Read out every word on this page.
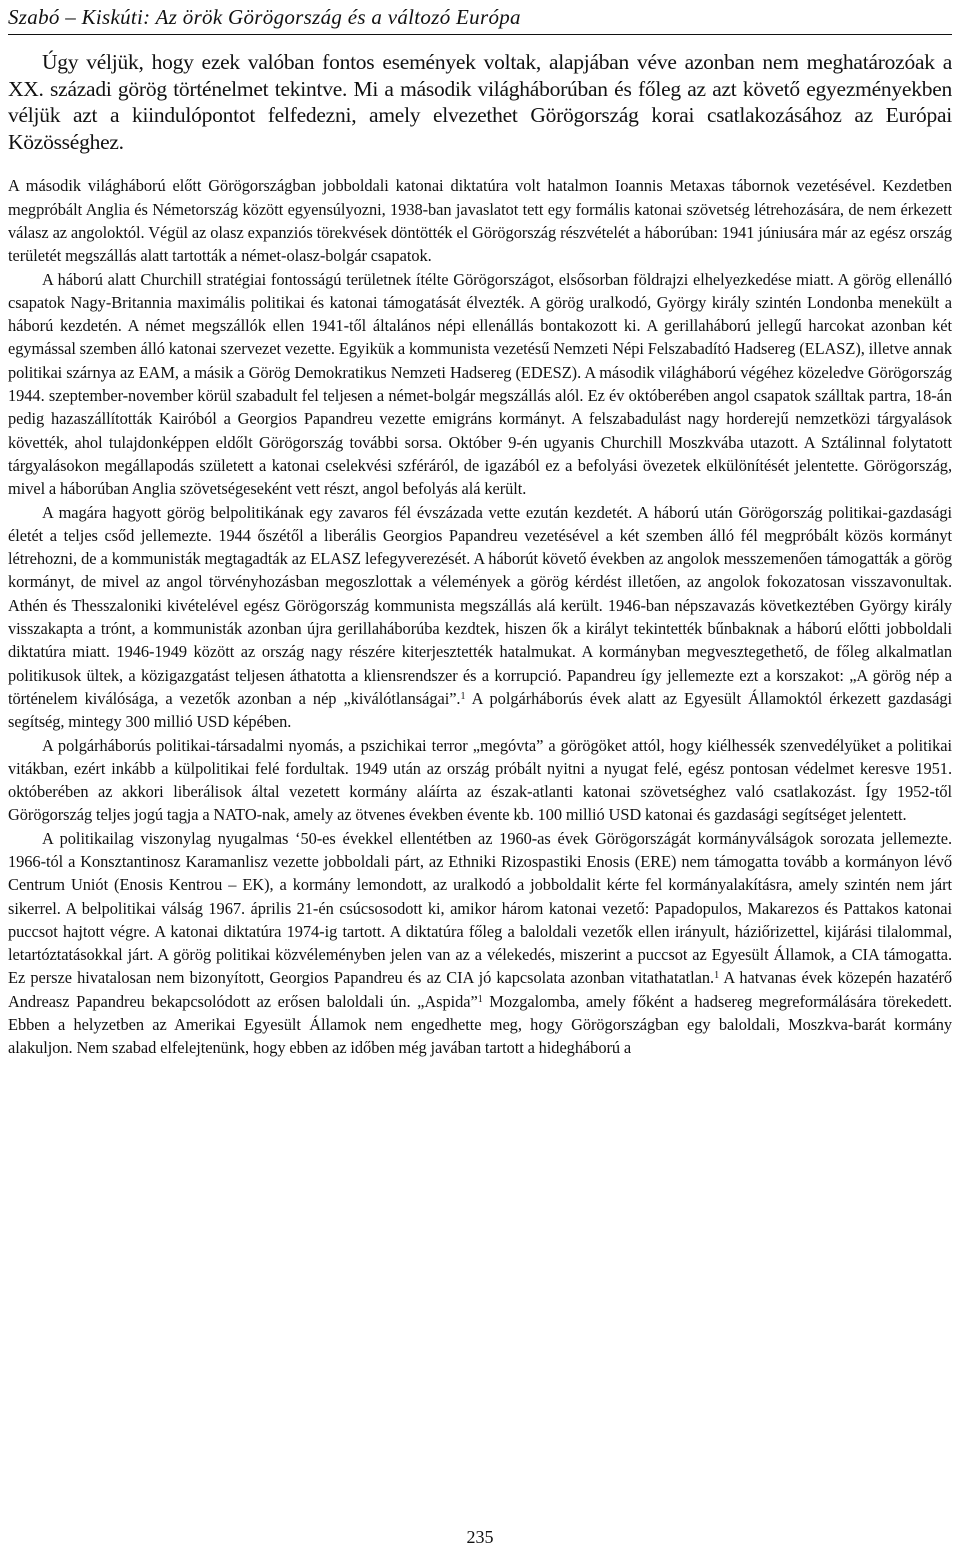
Szabó – Kiskúti: Az örök Görögország és a változó Európa
Úgy véljük, hogy ezek valóban fontos események voltak, alapjában véve azonban nem meghatározóak a XX. századi görög történelmet tekintve. Mi a második világháborúban és főleg az azt követő egyezményekben véljük azt a kiindulópontot felfedezni, amely elvezethet Görögország korai csatlakozásához az Európai Közösséghez.

A második világháború előtt Görögországban jobboldali katonai diktatúra volt hatalmon Ioannis Metaxas tábornok vezetésével. Kezdetben megpróbált Anglia és Németország között egyensúlyozni, 1938-ban javaslatot tett egy formális katonai szövetség létrehozására, de nem érkezett válasz az angoloktól. Végül az olasz expanziós törekvések döntötték el Görögország részvételét a háborúban: 1941 júniusára már az egész ország területét megszállás alatt tartották a német-olasz-bolgár csapatok.

A háború alatt Churchill stratégiai fontosságú területnek ítélte Görögországot, elsősorban földrajzi elhelyezkedése miatt. A görög ellenálló csapatok Nagy-Britannia maximális politikai és katonai támogatását élvezték. A görög uralkodó, György király szintén Londonba menekült a háború kezdetén. A német megszállók ellen 1941-től általános népi ellenállás bontakozott ki. A gerillaháború jellegű harcokat azonban két egymással szemben álló katonai szervezet vezette. Egyikük a kommunista vezetésű Nemzeti Népi Felszabadító Hadsereg (ELASZ), illetve annak politikai szárnya az EAM, a másik a Görög Demokratikus Nemzeti Hadsereg (EDESZ). A második világháború végéhez közeledve Görögország 1944. szeptember-november körül szabadult fel teljesen a német-bolgár megszállás alól. Ez év októberében angol csapatok szálltak partra, 18-án pedig hazaszállították Kairóból a Georgios Papandreu vezette emigráns kormányt. A felszabadulást nagy horderejű nemzetközi tárgyalások követték, ahol tulajdonképpen eldőlt Görögország további sorsa. Október 9-én ugyanis Churchill Moszkvába utazott. A Sztálinnal folytatott tárgyalásokon megállapodás született a katonai cselekvési szféráról, de igazából ez a befolyási övezetek elkülönítését jelentette. Görögország, mivel a háborúban Anglia szövetségeseként vett részt, angol befolyás alá került.

A magára hagyott görög belpolitikának egy zavaros fél évszázada vette ezután kezdetét. A háború után Görögország politikai-gazdasági életét a teljes csőd jellemezte. 1944 őszétől a liberális Georgios Papandreu vezetésével a két szemben álló fél megpróbált közös kormányt létrehozni, de a kommunisták megtagadták az ELASZ lefegyverezését. A háborút követő években az angolok messzemenően támogatták a görög kormányt, de mivel az angol törvényhozásban megoszlottak a vélemények a görög kérdést illetően, az angolok fokozatosan visszavonultak. Athén és Thesszaloniki kivételével egész Görögország kommunista megszállás alá került. 1946-ban népszavazás következtében György király visszakapta a trónt, a kommunisták azonban újra gerillaháborúba kezdtek, hiszen ők a királyt tekintették bűnbaknak a háború előtti jobboldali diktatúra miatt. 1946-1949 között az ország nagy részére kiterjesztették hatalmukat. A kormányban megvesztegethető, de főleg alkalmatlan politikusok ültek, a közigazgatást teljesen áthatotta a kliensrendszer és a korrupció. Papandreu így jellemezte ezt a korszakot: „A görög nép a történelem kiválósága, a vezetők azonban a nép „kiválótlanságai”.$^1$ A polgárháborús évek alatt az Egyesült Államoktól érkezett gazdasági segítség, mintegy 300 millió USD képében.

A polgárháborús politikai-társadalmi nyomás, a pszichikai terror „megóvta” a görögöket attól, hogy kiélhessék szenvedélyüket a politikai vitákban, ezért inkább a külpolitikai felé fordultak. 1949 után az ország próbált nyitni a nyugat felé, egész pontosan védelmet keresve 1951. októberében az akkori liberálisok által vezetett kormány aláírta az észak-atlanti katonai szövetséghez való csatlakozást. Így 1952-től Görögország teljes jogú tagja a NATO-nak, amely az ötvenes években évente kb. 100 millió USD katonai és gazdasági segítséget jelentett.

A politikailag viszonylag nyugalmas ‘50-es évekkel ellentétben az 1960-as évek Görögországát kormányválságok sorozata jellemezte. 1966-tól a Konsztantinosz Karamanlisz vezette jobboldali párt, az Ethniki Rizospastiki Enosis (ERE) nem támogatta tovább a kormányon lévő Centrum Uniót (Enosis Kentrou – EK), a kormány lemondott, az uralkodó a jobboldalit kérte fel kormányalakításra, amely szintén nem járt sikerrel. A belpolitikai válság 1967. április 21-én csúcsosodott ki, amikor három katonai vezető: Papadopulos, Makarezos és Pattakos katonai puccsot hajtott végre. A katonai diktatúra 1974-ig tartott. A diktatúra főleg a baloldali vezetők ellen irányult, háziőrizettel, kijárási tilalommal, letartóztatásokkal járt. A görög politikai közvéleményben jelen van az a vélekedés, miszerint a puccsot az Egyesült Államok, a CIA támogatta. Ez persze hivatalosan nem bizonyított, Georgios Papandreu és az CIA jó kapcsolata azonban vitathatatlan.$^1$ A hatvanas évek közepén hazatérő Andreasz Papandreu bekapcsolódott az erősen baloldali ún. „Aspida”$^1$ Mozgalomba, amely főként a hadsereg megreformálására törekedett. Ebben a helyzetben az Amerikai Egyesült Államok nem engedhette meg, hogy Görögországban egy baloldali, Moszkva-barát kormány alakuljon. Nem szabad elfelejtenünk, hogy ebben az időben még javában tartott a hidegháború a

235
